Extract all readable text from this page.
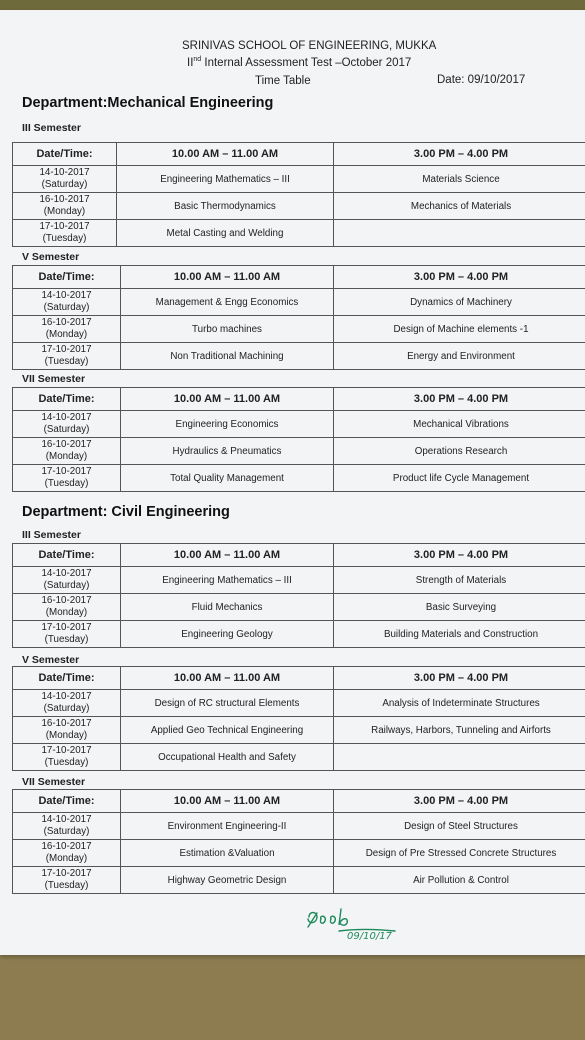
SRINIVAS SCHOOL OF ENGINEERING, MUKKA
IInd Internal Assessment Test –October 2017
Time Table	Date: 09/10/2017
Department:Mechanical Engineering
III Semester
Date/Time:	10.00 AM – 11.00 AM	3.00 PM – 4.00 PM

14-10-2017
(Saturday)	Engineering Mathematics – III	Materials Science

16-10-2017
(Monday)	Basic Thermodynamics	Mechanics of Materials

17-10-2017
(Tuesday)	Metal Casting and Welding	
V Semester
Date/Time:	10.00 AM – 11.00 AM	3.00 PM – 4.00 PM

14-10-2017
(Saturday)	Management & Engg Economics	Dynamics of Machinery

16-10-2017
(Monday)	Turbo machines	Design of Machine elements -1

17-10-2017
(Tuesday)	Non Traditional Machining	Energy and Environment
VII Semester
Date/Time:	10.00 AM – 11.00 AM	3.00 PM – 4.00 PM

14-10-2017
(Saturday)	Engineering Economics	Mechanical Vibrations

16-10-2017
(Monday)	Hydraulics & Pneumatics	Operations Research

17-10-2017
(Tuesday)	Total Quality Management	Product life Cycle Management
Department: Civil Engineering
III Semester
Date/Time:	10.00 AM – 11.00 AM	3.00 PM – 4.00 PM

14-10-2017
(Saturday)	Engineering Mathematics – III	Strength of Materials

16-10-2017
(Monday)	Fluid Mechanics	Basic Surveying

17-10-2017
(Tuesday)	Engineering Geology	Building Materials and Construction
V Semester
Date/Time:	10.00 AM – 11.00 AM	3.00 PM – 4.00 PM

14-10-2017
(Saturday)	Design of RC structural Elements	Analysis of Indeterminate Structures

16-10-2017
(Monday)	Applied Geo Technical Engineering	Railways, Harbors, Tunneling and Airforts

17-10-2017
(Tuesday)	Occupational Health and Safety	
VII Semester
Date/Time:	10.00 AM – 11.00 AM	3.00 PM – 4.00 PM

14-10-2017
(Saturday)	Environment Engineering-II	Design of Steel Structures

16-10-2017
(Monday)	Estimation &Valuation	Design of Pre Stressed Concrete Structures

17-10-2017
(Tuesday)	Highway Geometric Design	Air Pollution & Control
09/10/17
